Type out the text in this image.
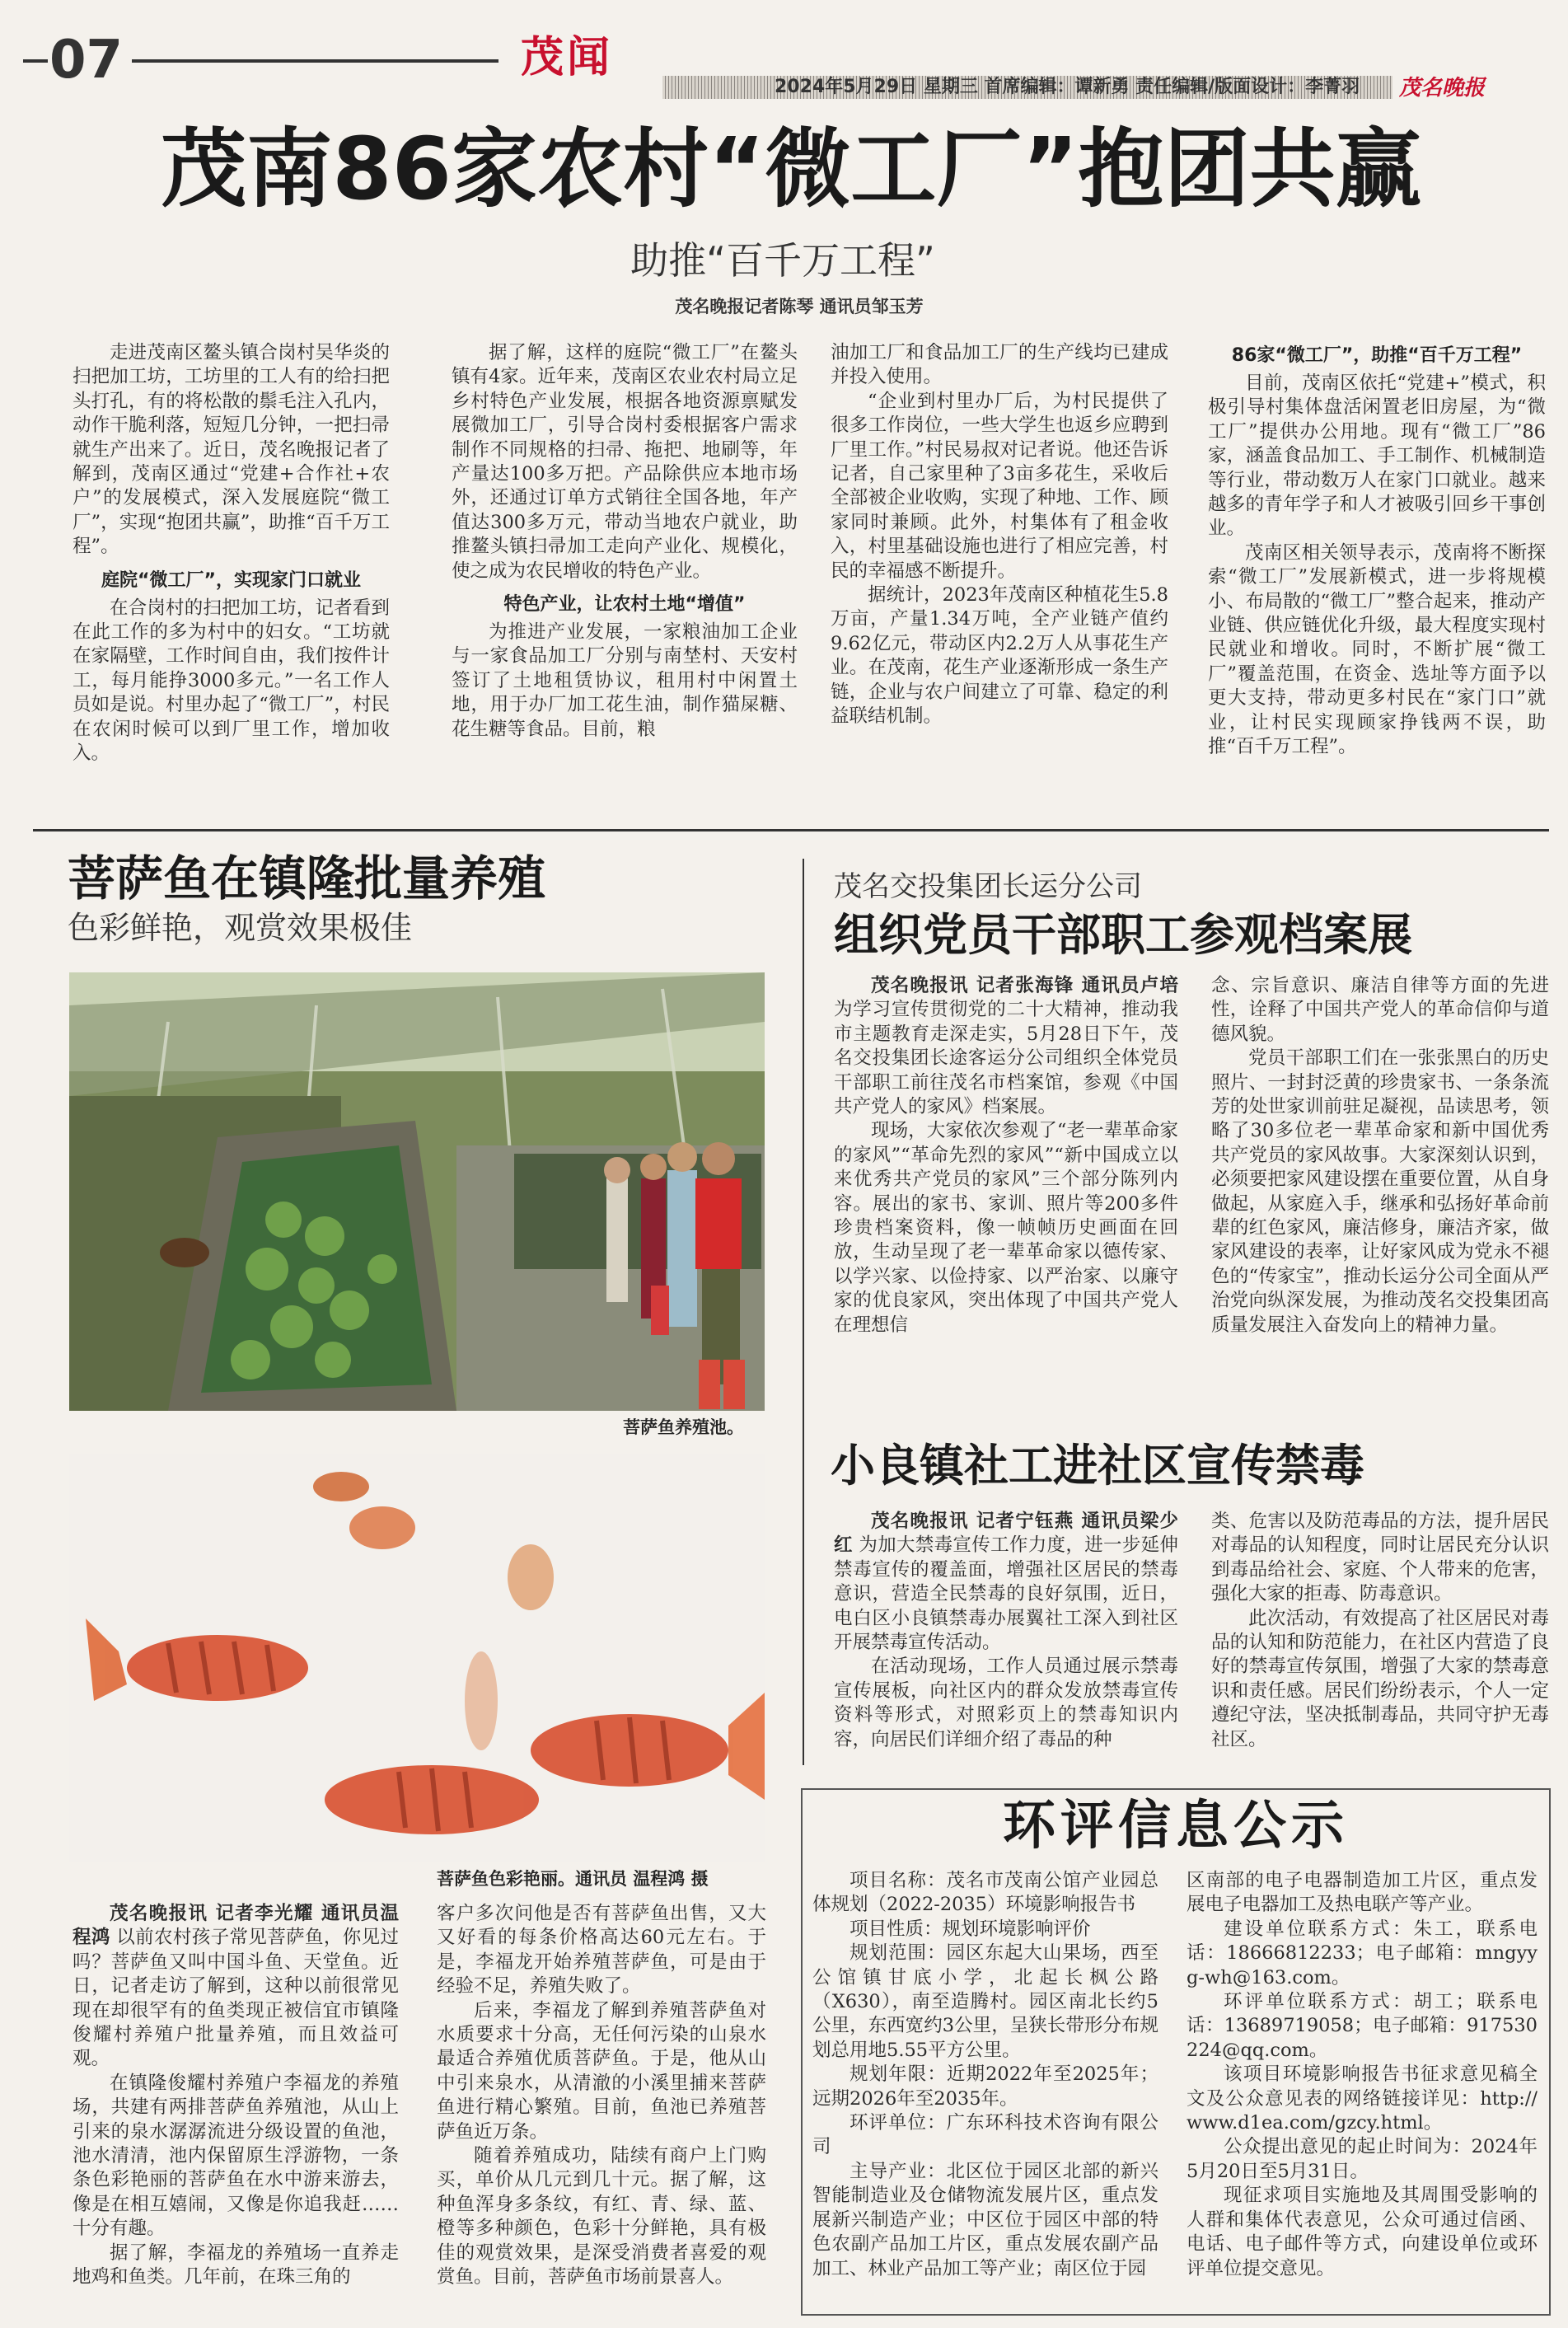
07	茂闻
2024年5月29日 星期三 首席编辑：谭新勇 责任编辑/版面设计：李菁羽 茂名晚报
茂南86家农村“微工厂”抱团共赢
助推“百千万工程”
茂名晚报记者陈琴 通讯员邹玉芳

走进茂南区鳌头镇合岗村吴华炎的扫把加工坊，工坊里的工人有的给扫把头打孔，有的将松散的鬃毛注入孔内，动作干脆利落，短短几分钟，一把扫帚就生产出来了。近日，茂名晚报记者了解到，茂南区通过“党建+合作社+农户”的发展模式，深入发展庭院“微工厂”，实现“抱团共赢”，助推“百千万工程”。

庭院“微工厂”，实现家门口就业

在合岗村的扫把加工坊，记者看到在此工作的多为村中的妇女。“工坊就在家隔壁，工作时间自由，我们按件计工，每月能挣3000多元。”一名工作人员如是说。村里办起了“微工厂”，村民在农闲时候可以到厂里工作，增加收入。

据了解，这样的庭院“微工厂”在鳌头镇有4家。近年来，茂南区农业农村局立足乡村特色产业发展，根据各地资源禀赋发展微加工厂，引导合岗村委根据客户需求制作不同规格的扫帚、拖把、地刷等，年产量达100多万把。产品除供应本地市场外，还通过订单方式销往全国各地，年产值达300多万元，带动当地农户就业，助推鳌头镇扫帚加工走向产业化、规模化，使之成为农民增收的特色产业。

特色产业，让农村土地“增值”

为推进产业发展，一家粮油加工企业与一家食品加工厂分别与南埜村、天安村签订了土地租赁协议，租用村中闲置土地，用于办厂加工花生油，制作猫屎糖、花生糖等食品。目前，粮

油加工厂和食品加工厂的生产线均已建成并投入使用。

“企业到村里办厂后，为村民提供了很多工作岗位，一些大学生也返乡应聘到厂里工作。”村民易叔对记者说。他还告诉记者，自己家里种了3亩多花生，采收后全部被企业收购，实现了种地、工作、顾家同时兼顾。此外，村集体有了租金收入，村里基础设施也进行了相应完善，村民的幸福感不断提升。

据统计，2023年茂南区种植花生5.8万亩，产量1.34万吨，全产业链产值约9.62亿元，带动区内2.2万人从事花生产业。在茂南，花生产业逐渐形成一条生产链，企业与农户间建立了可靠、稳定的利益联结机制。

86家“微工厂”，助推“百千万工程”

目前，茂南区依托“党建+”模式，积极引导村集体盘活闲置老旧房屋，为“微工厂”提供办公用地。现有“微工厂”86家，涵盖食品加工、手工制作、机械制造等行业，带动数万人在家门口就业。越来越多的青年学子和人才被吸引回乡干事创业。

茂南区相关领导表示，茂南将不断探索“微工厂”发展新模式，进一步将规模小、布局散的“微工厂”整合起来，推动产业链、供应链优化升级，最大程度实现村民就业和增收。同时，不断扩展“微工厂”覆盖范围，在资金、选址等方面予以更大支持，带动更多村民在“家门口”就业，让村民实现顾家挣钱两不误，助推“百千万工程”。

菩萨鱼在镇隆批量养殖
色彩鲜艳，观赏效果极佳
菩萨鱼养殖池。
菩萨鱼色彩艳丽。通讯员 温程鸿 摄

茂名晚报讯 记者李光耀 通讯员温程鸿 以前农村孩子常见菩萨鱼，你见过吗？菩萨鱼又叫中国斗鱼、天堂鱼。近日，记者走访了解到，这种以前很常见现在却很罕有的鱼类现正被信宜市镇隆俊耀村养殖户批量养殖，而且效益可观。

在镇隆俊耀村养殖户李福龙的养殖场，共建有两排菩萨鱼养殖池，从山上引来的泉水潺潺流进分级设置的鱼池，池水清清，池内保留原生浮游物，一条条色彩艳丽的菩萨鱼在水中游来游去，像是在相互嬉闹，又像是你追我赶……十分有趣。

据了解，李福龙的养殖场一直养走地鸡和鱼类。几年前，在珠三角的

客户多次问他是否有菩萨鱼出售，又大又好看的每条价格高达60元左右。于是，李福龙开始养殖菩萨鱼，可是由于经验不足，养殖失败了。

后来，李福龙了解到养殖菩萨鱼对水质要求十分高，无任何污染的山泉水最适合养殖优质菩萨鱼。于是，他从山中引来泉水，从清澈的小溪里捕来菩萨鱼进行精心繁殖。目前，鱼池已养殖菩萨鱼近万条。

随着养殖成功，陆续有商户上门购买，单价从几元到几十元。据了解，这种鱼浑身多条纹，有红、青、绿、蓝、橙等多种颜色，色彩十分鲜艳，具有极佳的观赏效果，是深受消费者喜爱的观赏鱼。目前，菩萨鱼市场前景喜人。

茂名交投集团长运分公司
组织党员干部职工参观档案展

茂名晚报讯 记者张海锋 通讯员卢培 为学习宣传贯彻党的二十大精神，推动我市主题教育走深走实，5月28日下午，茂名交投集团长途客运分公司组织全体党员干部职工前往茂名市档案馆，参观《中国共产党人的家风》档案展。

现场，大家依次参观了“老一辈革命家的家风”“革命先烈的家风”“新中国成立以来优秀共产党员的家风”三个部分陈列内容。展出的家书、家训、照片等200多件珍贵档案资料，像一帧帧历史画面在回放，生动呈现了老一辈革命家以德传家、以学兴家、以俭持家、以严治家、以廉守家的优良家风，突出体现了中国共产党人在理想信

念、宗旨意识、廉洁自律等方面的先进性，诠释了中国共产党人的革命信仰与道德风貌。

党员干部职工们在一张张黑白的历史照片、一封封泛黄的珍贵家书、一条条流芳的处世家训前驻足凝视，品读思考，领略了30多位老一辈革命家和新中国优秀共产党员的家风故事。大家深刻认识到，必须要把家风建设摆在重要位置，从自身做起，从家庭入手，继承和弘扬好革命前辈的红色家风，廉洁修身，廉洁齐家，做家风建设的表率，让好家风成为党永不褪色的“传家宝”，推动长运分公司全面从严治党向纵深发展，为推动茂名交投集团高质量发展注入奋发向上的精神力量。

小良镇社工进社区宣传禁毒

茂名晚报讯 记者宁钰燕 通讯员梁少红 为加大禁毒宣传工作力度，进一步延伸禁毒宣传的覆盖面，增强社区居民的禁毒意识，营造全民禁毒的良好氛围，近日，电白区小良镇禁毒办展翼社工深入到社区开展禁毒宣传活动。

在活动现场，工作人员通过展示禁毒宣传展板，向社区内的群众发放禁毒宣传资料等形式，对照彩页上的禁毒知识内容，向居民们详细介绍了毒品的种

类、危害以及防范毒品的方法，提升居民对毒品的认知程度，同时让居民充分认识到毒品给社会、家庭、个人带来的危害，强化大家的拒毒、防毒意识。

此次活动，有效提高了社区居民对毒品的认知和防范能力，在社区内营造了良好的禁毒宣传氛围，增强了大家的禁毒意识和责任感。居民们纷纷表示，个人一定遵纪守法，坚决抵制毒品，共同守护无毒社区。

环评信息公示

项目名称：茂名市茂南公馆产业园总体规划（2022-2035）环境影响报告书

项目性质：规划环境影响评价

规划范围：园区东起大山果场，西至公馆镇甘底小学，北起长枫公路（X630），南至造腾村。园区南北长约5公里，东西宽约3公里，呈狭长带形分布规划总用地5.55平方公里。

规划年限：近期2022年至2025年；远期2026年至2035年。

环评单位：广东环科技术咨询有限公司

主导产业：北区位于园区北部的新兴智能制造业及仓储物流发展片区，重点发展新兴制造产业；中区位于园区中部的特色农副产品加工片区，重点发展农副产品加工、林业产品加工等产业；南区位于园

区南部的电子电器制造加工片区，重点发展电子电器加工及热电联产等产业。

建设单位联系方式：朱工，联系电话：18666812233；电子邮箱：mngyyg-wh@163.com。

环评单位联系方式：胡工；联系电话：13689719058；电子邮箱：917530224@qq.com。

该项目环境影响报告书征求意见稿全文及公众意见表的网络链接详见：http://www.d1ea.com/gzcy.html。

公众提出意见的起止时间为：2024年5月20日至5月31日。

现征求项目实施地及其周围受影响的人群和集体代表意见，公众可通过信函、电话、电子邮件等方式，向建设单位或环评单位提交意见。
